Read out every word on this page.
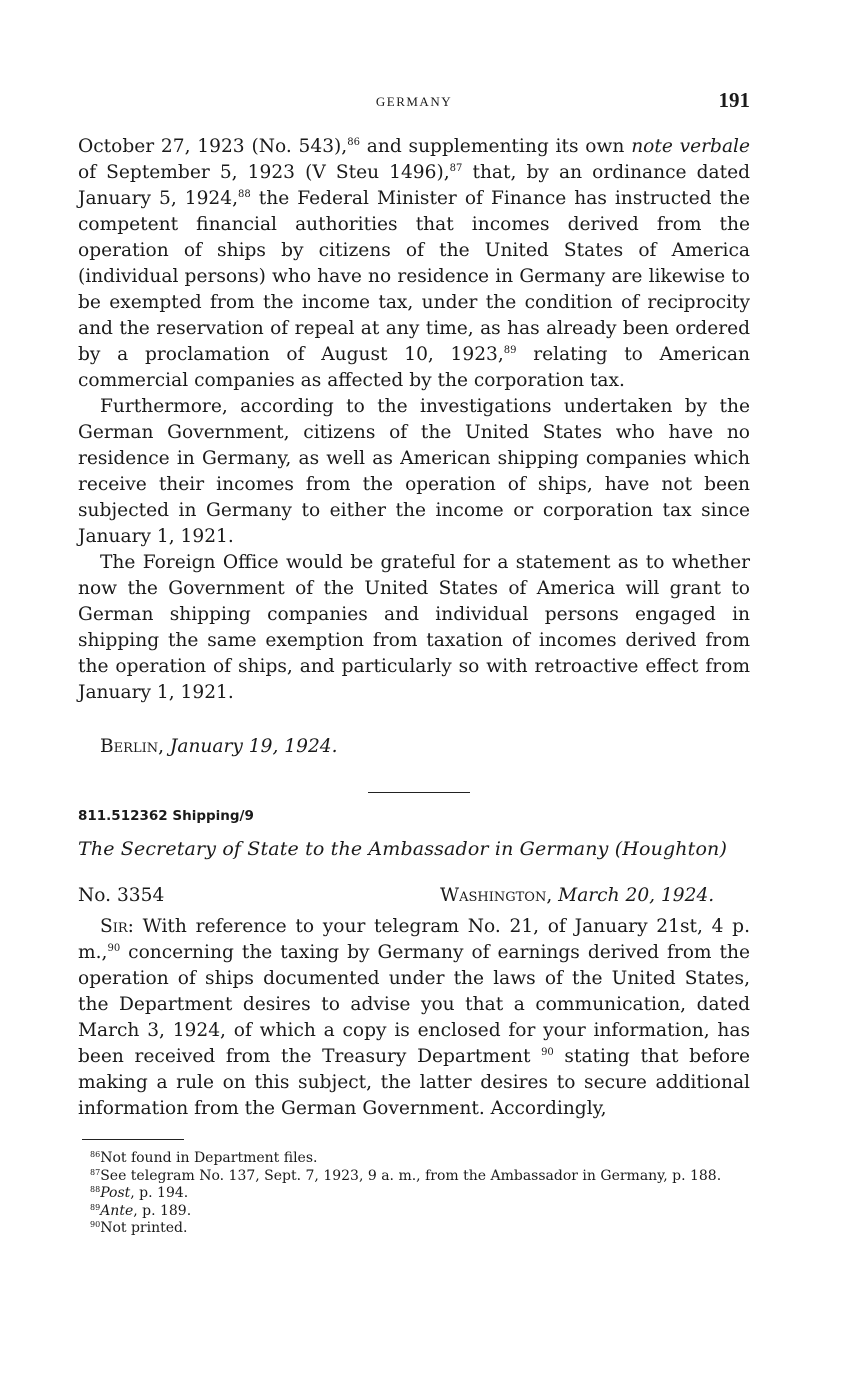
GERMANY	191

October 27, 1923 (No. 543),$^{86}$ and supplementing its own note verbale of September 5, 1923 (V Steu 1496),$^{87}$ that, by an ordinance dated January 5, 1924,88 the Federal Minister of Finance has instructed the competent financial authorities that incomes derived from the operation of ships by citizens of the United States of America (individual persons) who have no residence in Germany are likewise to be exempted from the income tax, under the condition of reciprocity and the reservation of repeal at any time, as has already been ordered by a proclamation of August 10, 1923,89 relating to American commercial companies as affected by the corporation tax.

Furthermore, according to the investigations undertaken by the German Government, citizens of the United States who have no residence in Germany, as well as American shipping companies which receive their incomes from the operation of ships, have not been subjected in Germany to either the income or corporation tax since January 1, 1921.

The Foreign Office would be grateful for a statement as to whether now the Government of the United States of America will grant to German shipping companies and individual persons engaged in shipping the same exemption from taxation of incomes derived from the operation of ships, and particularly so with retroactive effect from January 1, 1921.

Berlin, January 19, 1924.
811.512362 Shipping/9
The Secretary of State to the Ambassador in Germany (Houghton)
No. 3354	Washington, March 20, 1924.

Sir: With reference to your telegram No. 21, of January 21st, 4 p. m.,$^{90}$ concerning the taxing by Germany of earnings derived from the operation of ships documented under the laws of the United States, the Department desires to advise you that a communication, dated March 3, 1924, of which a copy is enclosed for your information, has been received from the Treasury Department $^{90}$ stating that before making a rule on this subject, the latter desires to secure additional information from the German Government. Accordingly,

$^{86}$Not found in Department files.

$^{87}$See telegram No. 137, Sept. 7, 1923, 9 a. m., from the Ambassador in Germany, p. 188.

$^{88}$Post, p. 194.

$^{89}$Ante, p. 189.

$^{90}$Not printed.
